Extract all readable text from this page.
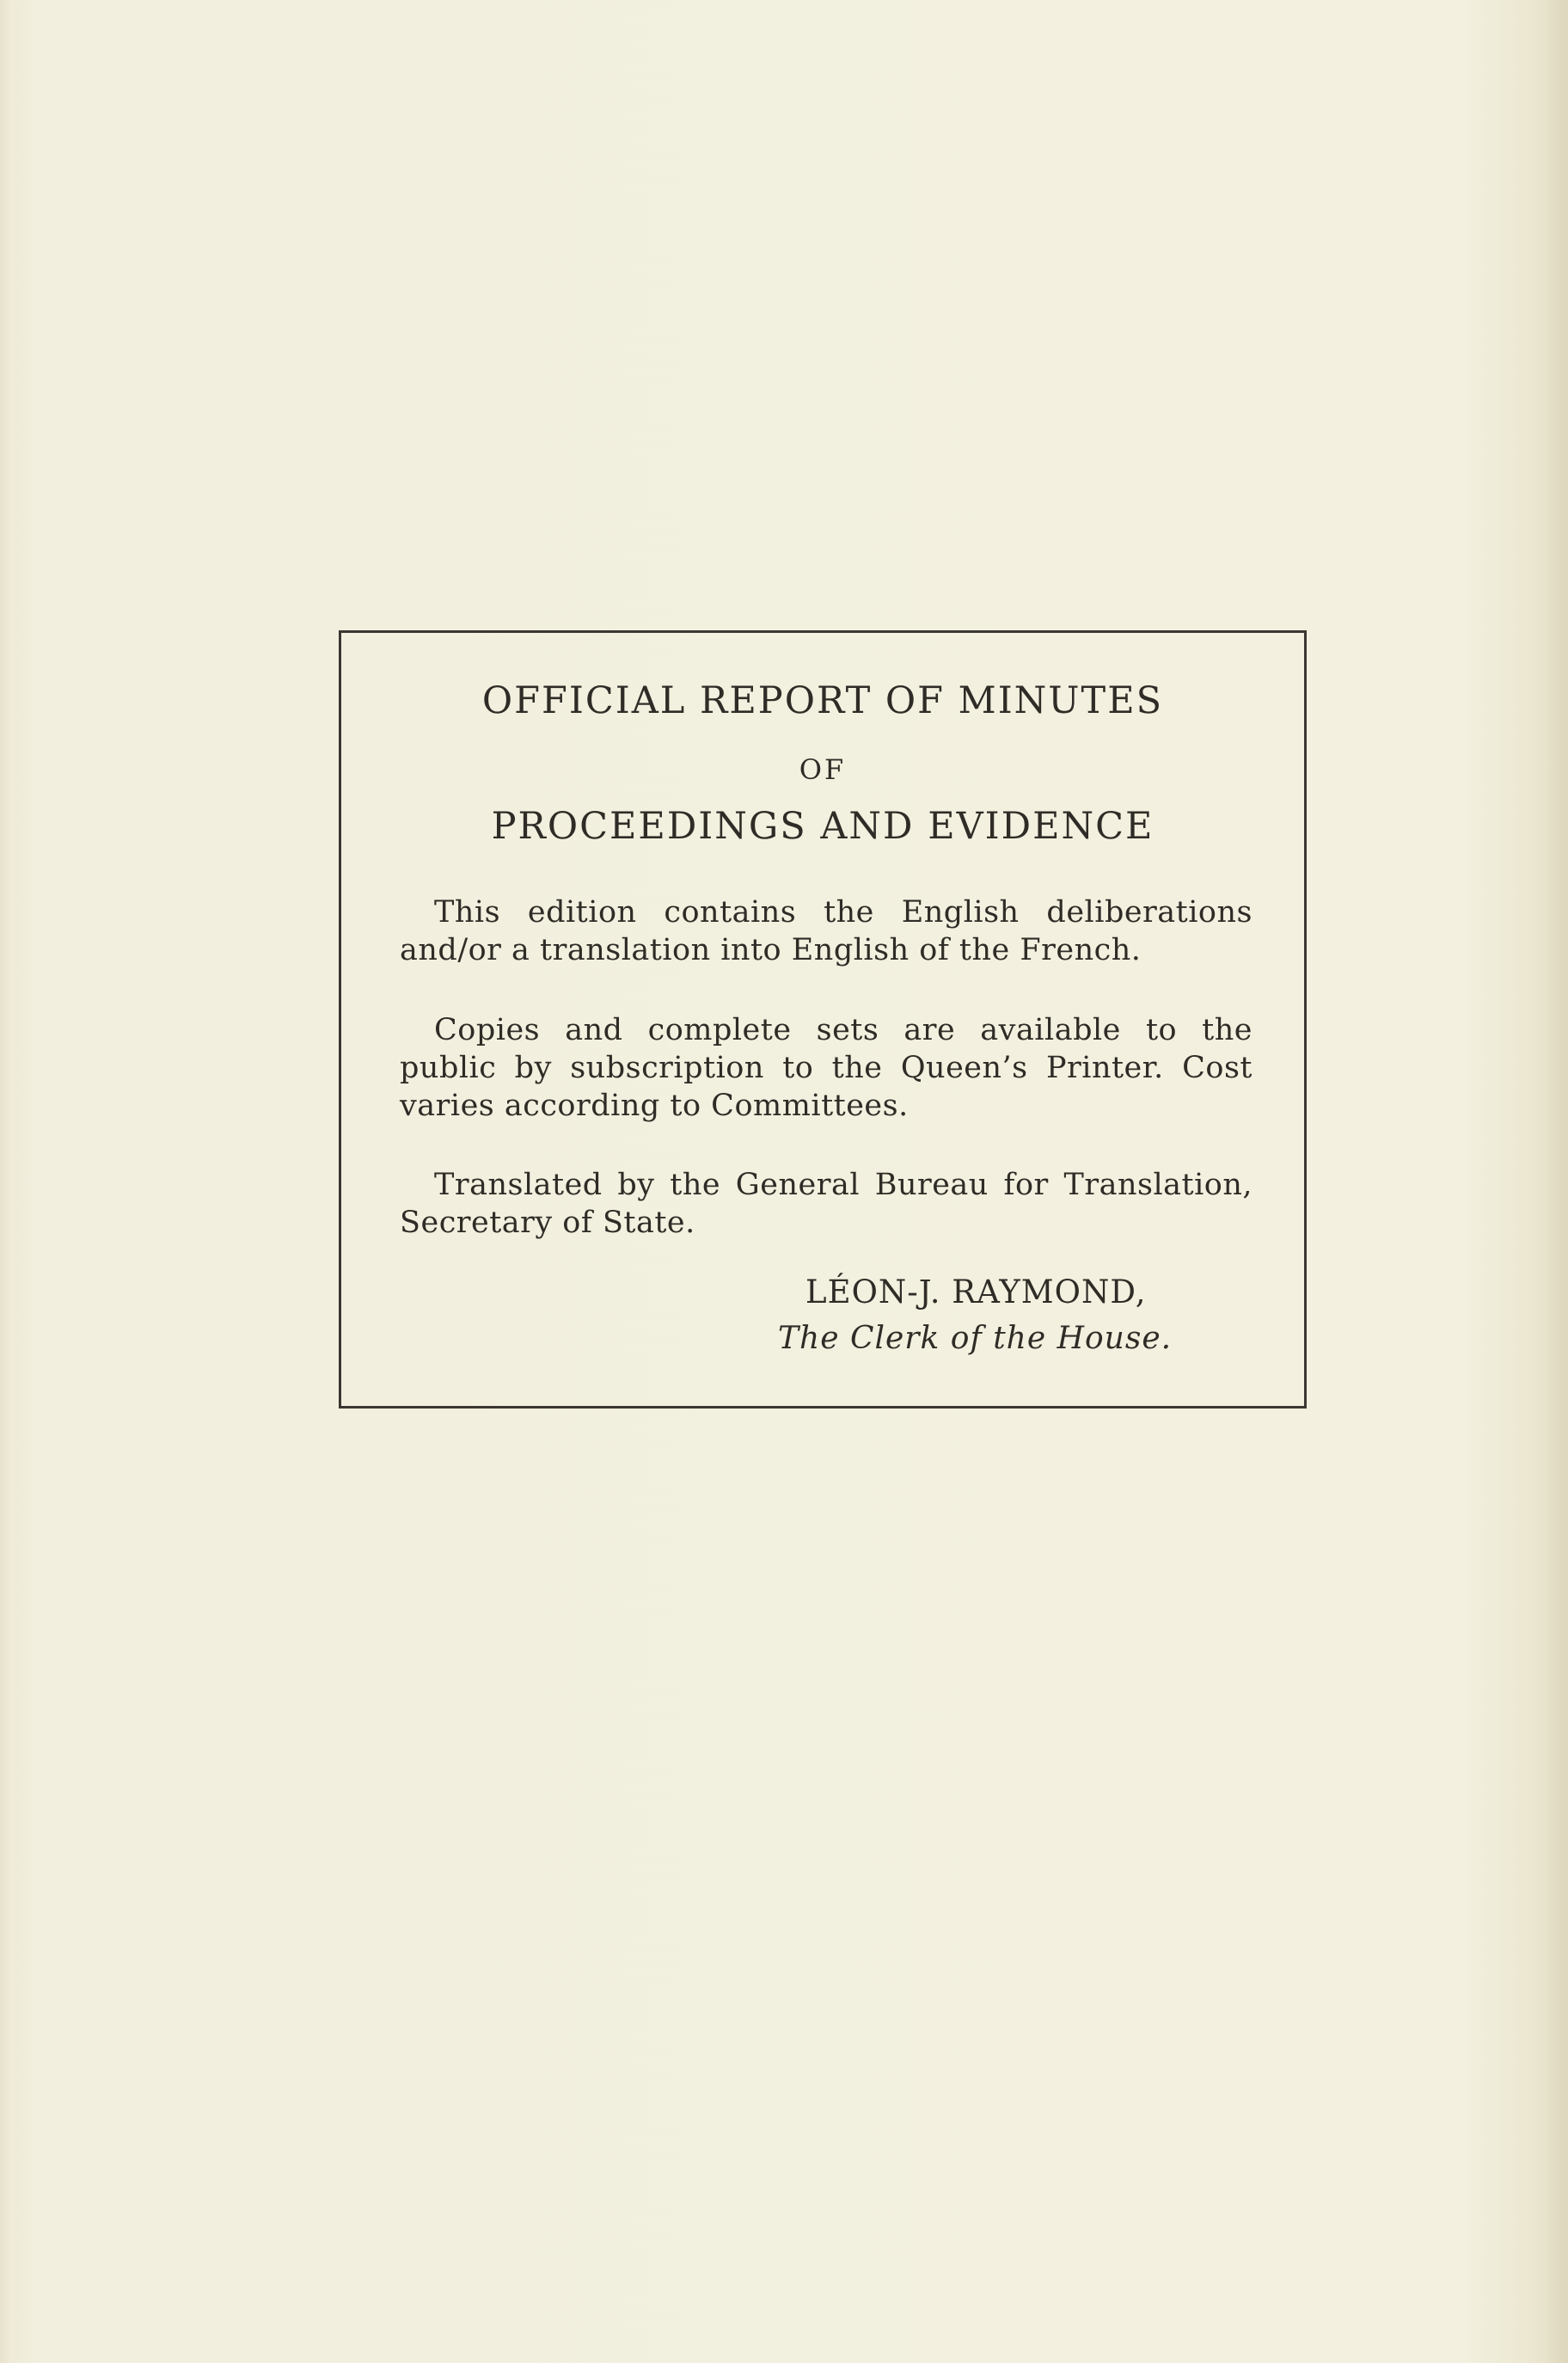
OFFICIAL REPORT OF MINUTES
OF
PROCEEDINGS AND EVIDENCE

This edition contains the English deliberations and/or a translation into English of the French.

Copies and complete sets are available to the public by subscription to the Queen’s Printer. Cost varies according to Committees.

Translated by the General Bureau for Translation, Secretary of State.

LÉON-J. RAYMOND,

The Clerk of the House.
